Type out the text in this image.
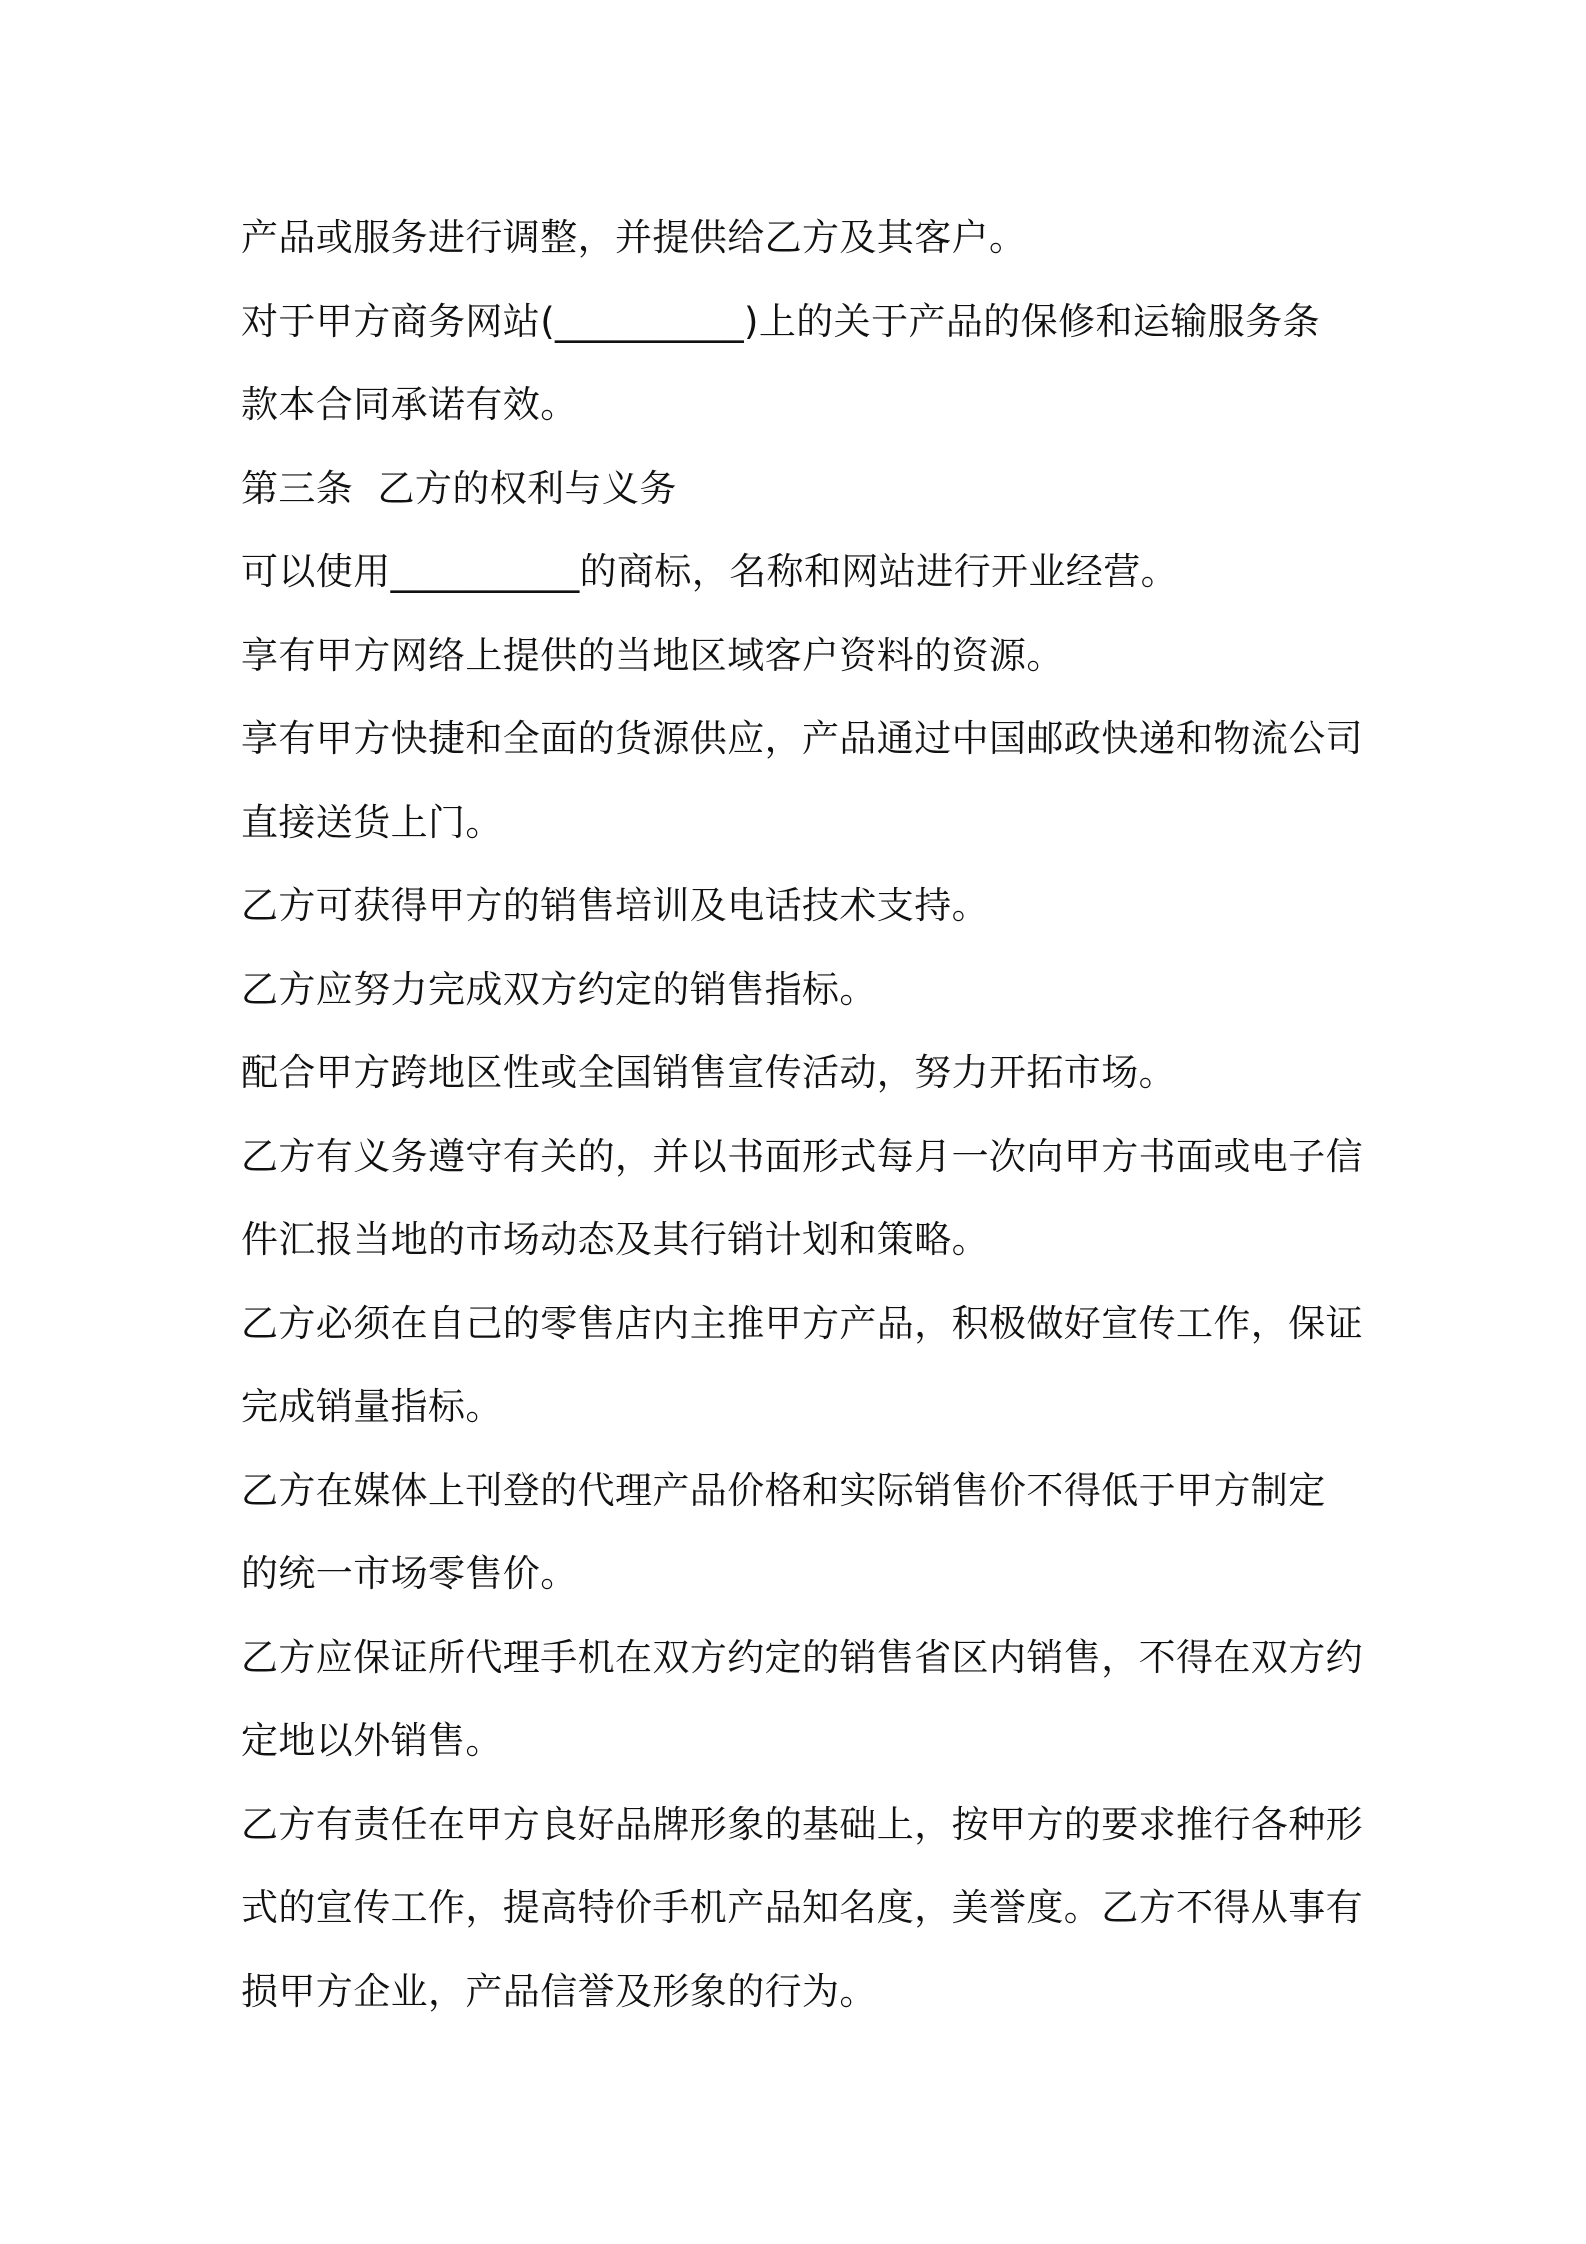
产品或服务进行调整，并提供给乙方及其客户。
对于甲方商务网站(__________)上的关于产品的保修和运输服务条
款本合同承诺有效。
第三条  乙方的权利与义务
可以使用__________的商标，名称和网站进行开业经营。
享有甲方网络上提供的当地区域客户资料的资源。
享有甲方快捷和全面的货源供应，产品通过中国邮政快递和物流公司
直接送货上门。
乙方可获得甲方的销售培训及电话技术支持。
乙方应努力完成双方约定的销售指标。
配合甲方跨地区性或全国销售宣传活动，努力开拓市场。
乙方有义务遵守有关的，并以书面形式每月一次向甲方书面或电子信
件汇报当地的市场动态及其行销计划和策略。
乙方必须在自己的零售店内主推甲方产品，积极做好宣传工作，保证
完成销量指标。
乙方在媒体上刊登的代理产品价格和实际销售价不得低于甲方制定
的统一市场零售价。
乙方应保证所代理手机在双方约定的销售省区内销售，不得在双方约
定地以外销售。
乙方有责任在甲方良好品牌形象的基础上，按甲方的要求推行各种形
式的宣传工作，提高特价手机产品知名度，美誉度。乙方不得从事有
损甲方企业，产品信誉及形象的行为。
